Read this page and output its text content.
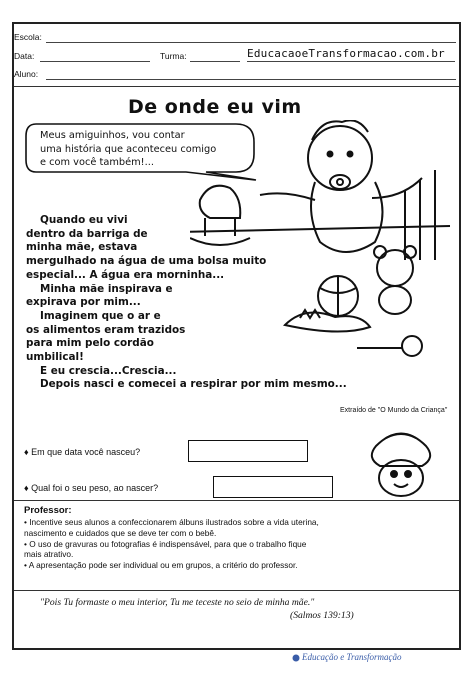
Escola:
Data:	Turma:	EducacaoeTransformacao.com.br
Aluno:
De onde eu vim
Meus amiguinhos, vou contar
uma história que aconteceu comigo
e com você também!...
Quando eu vivi
dentro da barriga de
minha mãe, estava
mergulhado na água de uma bolsa muito
especial... A água era morninha...
Minha mãe inspirava e
expirava por mim...
Imaginem que o ar e
os alimentos eram trazidos
para mim pelo cordão
umbilical!
E eu crescia...Crescia...
Depois nasci e comecei a respirar por mim mesmo...
Extraído de "O Mundo da Criança"
♦ Em que data você nasceu?
♦ Qual foi o seu peso, ao nascer?
Professor:
• Incentive seus alunos a confeccionarem álbuns ilustrados sobre a vida uterina,
nascimento e cuidados que se deve ter com o bebê.
• O uso de gravuras ou fotografias é indispensável, para que o trabalho fique
mais atrativo.
• A apresentação pode ser individual ou em grupos, a critério do professor.
"Pois Tu formaste o meu interior, Tu me teceste no seio de minha mãe."
(Salmos 139:13)
Educação e Transformação
